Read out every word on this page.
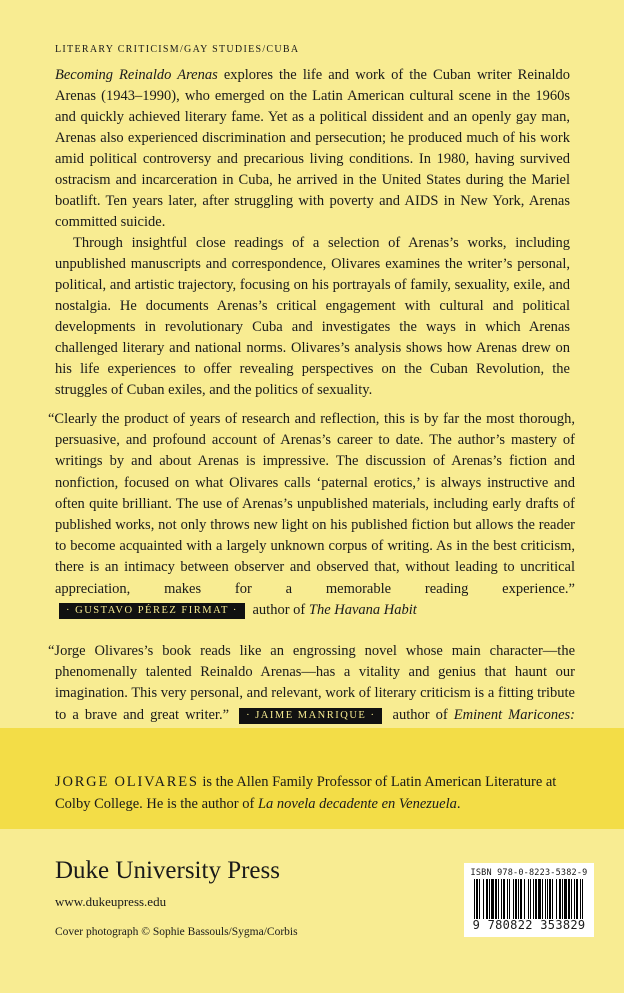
LITERARY CRITICISM/GAY STUDIES/CUBA

Becoming Reinaldo Arenas explores the life and work of the Cuban writer Reinaldo Arenas (1943–1990), who emerged on the Latin American cultural scene in the 1960s and quickly achieved literary fame. Yet as a political dissident and an openly gay man, Arenas also experienced discrimination and persecution; he produced much of his work amid political controversy and precarious living conditions. In 1980, having survived ostracism and incarceration in Cuba, he arrived in the United States during the Mariel boatlift. Ten years later, after struggling with poverty and AIDS in New York, Arenas committed suicide.

Through insightful close readings of a selection of Arenas’s works, including unpublished manuscripts and correspondence, Olivares examines the writer’s personal, political, and artistic trajectory, focusing on his portrayals of family, sexuality, exile, and nostalgia. He documents Arenas’s critical engagement with cultural and political developments in revolutionary Cuba and investigates the ways in which Arenas challenged literary and national norms. Olivares’s analysis shows how Arenas drew on his life experiences to offer revealing perspectives on the Cuban Revolution, the struggles of Cuban exiles, and the politics of sexuality.

“Clearly the product of years of research and reflection, this is by far the most thorough, persuasive, and profound account of Arenas’s career to date. The author’s mastery of writings by and about Arenas is impressive. The discussion of Arenas’s fiction and nonfiction, focused on what Olivares calls ‘paternal erotics,’ is always instructive and often quite brilliant. The use of Arenas’s unpublished materials, including early drafts of published works, not only throws new light on his published fiction but allows the reader to become acquainted with a largely unknown corpus of writing. As in the best criticism, there is an intimacy between observer and observed that, without leading to uncritical appreciation, makes for a memorable reading experience.” · GUSTAVO PÉREZ FIRMAT · author of The Havana Habit

“Jorge Olivares’s book reads like an engrossing novel whose main character—the phenomenally talented Reinaldo Arenas—has a vitality and genius that haunt our imagination. This very personal, and relevant, work of literary criticism is a fitting tribute to a brave and great writer.” · JAIME MANRIQUE · author of Eminent Maricones:

JORGE OLIVARES is the Allen Family Professor of Latin American Literature at Colby College. He is the author of La novela decadente en Venezuela.
Duke University Press
www.dukeupress.edu
Cover photograph © Sophie Bassouls/Sygma/Corbis
ISBN 978-0-8223-5382-9
9 780822 353829
